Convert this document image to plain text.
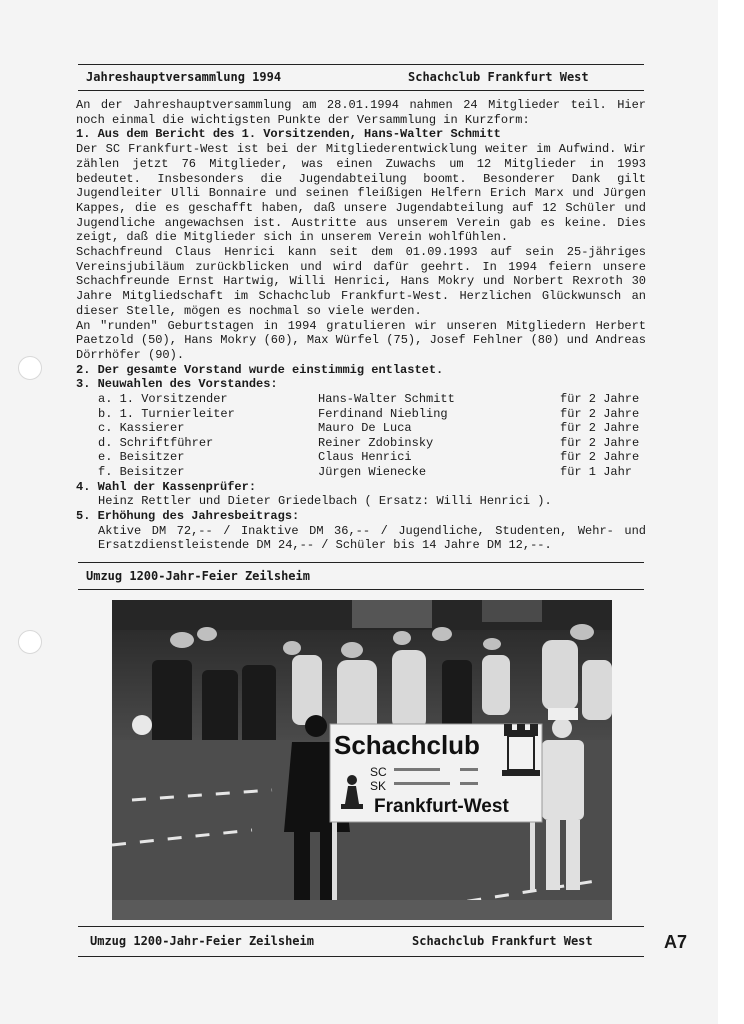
Jahreshauptversammlung 1994	Schachclub Frankfurt West

An der Jahreshauptversammlung am 28.01.1994 nahmen 24 Mitglieder teil. Hier noch einmal die wichtigsten Punkte der Versammlung in Kurzform:

1. Aus dem Bericht des 1. Vorsitzenden, Hans-Walter Schmitt

Der SC Frankfurt-West ist bei der Mitgliederentwicklung weiter im Aufwind. Wir zählen jetzt 76 Mitglieder, was einen Zuwachs um 12 Mitglieder in 1993 bedeutet. Insbesonders die Jugendabteilung boomt. Besonderer Dank gilt Jugendleiter Ulli Bonnaire und seinen fleißigen Helfern Erich Marx und Jürgen Kappes, die es geschafft haben, daß unsere Jugendabteilung auf 12 Schüler und Jugendliche angewachsen ist. Austritte aus unserem Verein gab es keine. Dies zeigt, daß die Mitglieder sich in unserem Verein wohlfühlen.

Schachfreund Claus Henrici kann seit dem 01.09.1993 auf sein 25-jähriges Vereinsjubiläum zurückblicken und wird dafür geehrt. In 1994 feiern unsere Schachfreunde Ernst Hartwig, Willi Henrici, Hans Mokry und Norbert Rexroth 30 Jahre Mitgliedschaft im Schachclub Frankfurt-West. Herzlichen Glückwunsch an dieser Stelle, mögen es nochmal so viele werden.

An "runden" Geburtstagen in 1994 gratulieren wir unseren Mitgliedern Herbert Paetzold (50), Hans Mokry (60), Max Würfel (75), Josef Fehlner (80) und Andreas Dörrhöfer (90).

2. Der gesamte Vorstand wurde einstimmig entlastet.

3. Neuwahlen des Vorstandes:

a. 1. Vorsitzender	Hans-Walter Schmitt	für 2 Jahre
b. 1. Turnierleiter	Ferdinand Niebling	für 2 Jahre
c. Kassierer	Mauro De Luca	für 2 Jahre
d. Schriftführer	Reiner Zdobinsky	für 2 Jahre
e. Beisitzer	Claus Henrici	für 2 Jahre
f. Beisitzer	Jürgen Wienecke	für 1 Jahr

4. Wahl der Kassenprüfer:

Heinz Rettler und Dieter Griedelbach ( Ersatz: Willi Henrici ).

5. Erhöhung des Jahresbeitrags:

Aktive DM 72,-- / Inaktive DM 36,-- / Jugendliche, Studenten, Wehr- und Ersatzdienstleistende DM 24,-- / Schüler bis 14 Jahre DM 12,--.

Umzug 1200-Jahr-Feier Zeilsheim
Schachclub
SC
SK
Frankfurt-West
Umzug 1200-Jahr-Feier Zeilsheim	Schachclub Frankfurt West	A7
